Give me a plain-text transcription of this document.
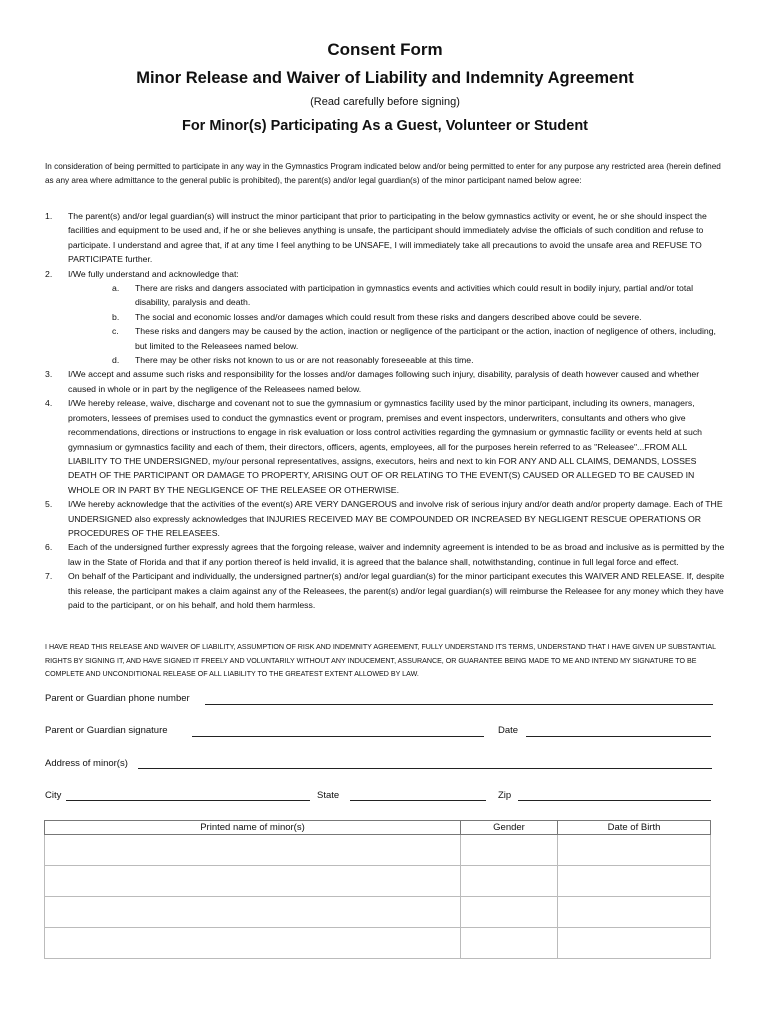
Consent Form
Minor Release and Waiver of Liability and Indemnity Agreement
(Read carefully before signing)
For Minor(s) Participating As a Guest, Volunteer or Student
In consideration of being permitted to participate in any way in the Gymnastics Program indicated below and/or being permitted to enter for any purpose any restricted area (herein defined as any area where admittance to the general public is prohibited), the parent(s) and/or legal guardian(s) of the minor participant named below agree:
1. The parent(s) and/or legal guardian(s) will instruct the minor participant that prior to participating in the below gymnastics activity or event, he or she should inspect the facilities and equipment to be used and, if he or she believes anything is unsafe, the participant should immediately advise the officials of such condition and refuse to participate. I understand and agree that, if at any time I feel anything to be UNSAFE, I will immediately take all precautions to avoid the unsafe area and REFUSE TO PARTICIPATE further.
2. I/We fully understand and acknowledge that:
a. There are risks and dangers associated with participation in gymnastics events and activities which could result in bodily injury, partial and/or total disability, paralysis and death.
b. The social and economic losses and/or damages which could result from these risks and dangers described above could be severe.
c. These risks and dangers may be caused by the action, inaction or negligence of the participant or the action, inaction of negligence of others, including, but limited to the Releasees named below.
d. There may be other risks not known to us or are not reasonably foreseeable at this time.
3. I/We accept and assume such risks and responsibility for the losses and/or damages following such injury, disability, paralysis of death however caused and whether caused in whole or in part by the negligence of the Releasees named below.
4. I/We hereby release, waive, discharge and covenant not to sue the gymnasium or gymnastics facility used by the minor participant, including its owners, managers, promoters, lessees of premises used to conduct the gymnastics event or program, premises and event inspectors, underwriters, consultants and others who give recommendations, directions or instructions to engage in risk evaluation or loss control activities regarding the gymnasium or gymnastic facility or events held at such gymnasium or gymnastics facility and each of them, their directors, officers, agents, employees, all for the purposes herein referred to as "Releasee"...FROM ALL LIABILITY TO THE UNDERSIGNED, my/our personal representatives, assigns, executors, heirs and next to kin FOR ANY AND ALL CLAIMS, DEMANDS, LOSSES DEATH OF THE PARTICIPANT OR DAMAGE TO PROPERTY, ARISING OUT OF OR RELATING TO THE EVENT(S) CAUSED OR ALLEGED TO BE CAUSED IN WHOLE OR IN PART BY THE NEGLIGENCE OF THE RELEASEE OR OTHERWISE.
5. I/We hereby acknowledge that the activities of the event(s) ARE VERY DANGEROUS and involve risk of serious injury and/or death and/or property damage. Each of THE UNDERSIGNED also expressly acknowledges that INJURIES RECEIVED MAY BE COMPOUNDED OR INCREASED BY NEGLIGENT RESCUE OPERATIONS OR PROCEDURES OF THE RELEASEES.
6. Each of the undersigned further expressly agrees that the forgoing release, waiver and indemnity agreement is intended to be as broad and inclusive as is permitted by the law in the State of Florida and that if any portion thereof is held invalid, it is agreed that the balance shall, notwithstanding, continue in full legal force and effect.
7. On behalf of the Participant and individually, the undersigned partner(s) and/or legal guardian(s) for the minor participant executes this WAIVER AND RELEASE. If, despite this release, the participant makes a claim against any of the Releasees, the parent(s) and/or legal guardian(s) will reimburse the Releasee for any money which they have paid to the participant, or on his behalf, and hold them harmless.
I HAVE READ THIS RELEASE AND WAIVER OF LIABILITY, ASSUMPTION OF RISK AND INDEMNITY AGREEMENT, FULLY UNDERSTAND ITS TERMS, UNDERSTAND THAT I HAVE GIVEN UP SUBSTANTIAL RIGHTS BY SIGNING IT, AND HAVE SIGNED IT FREELY AND VOLUNTARILY WITHOUT ANY INDUCEMENT, ASSURANCE, OR GUARANTEE BEING MADE TO ME AND INTEND MY SIGNATURE TO BE COMPLETE AND UNCONDITIONAL RELEASE OF ALL LIABILITY TO THE GREATEST EXTENT ALLOWED BY LAW.
Parent or Guardian phone number
Parent or Guardian signature	Date
Address of minor(s)
City	State	Zip
Printed name of minor(s)	Gender	Date of Birth
